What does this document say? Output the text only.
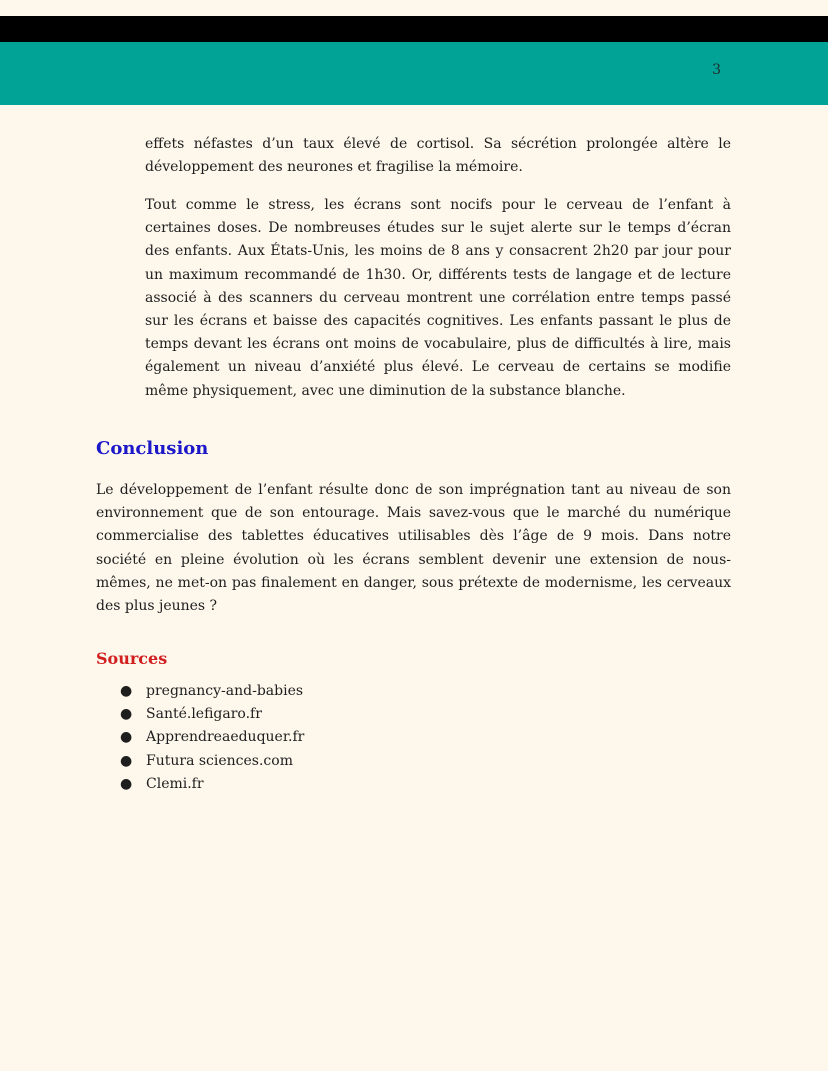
3

effets néfastes d’un taux élevé de cortisol. Sa sécrétion prolongée altère le développement des neurones et fragilise la mémoire.

Tout comme le stress, les écrans sont nocifs pour le cerveau de l’enfant à certaines doses. De nombreuses études sur le sujet alerte sur le temps d’écran des enfants. Aux États-Unis, les moins de 8 ans y consacrent 2h20 par jour pour un maximum recommandé de 1h30. Or, différents tests de langage et de lecture associé à des scanners du cerveau montrent une corrélation entre temps passé sur les écrans et baisse des capacités cognitives. Les enfants passant le plus de temps devant les écrans ont moins de vocabulaire, plus de difficultés à lire, mais également un niveau d’anxiété plus élevé. Le cerveau de certains se modifie même physiquement, avec une diminution de la substance blanche.

Conclusion

Le développement de l’enfant résulte donc de son imprégnation tant au niveau de son environnement que de son entourage. Mais savez-vous que le marché du numérique commercialise des tablettes éducatives utilisables dès l’âge de 9 mois. Dans notre société en pleine évolution où les écrans semblent devenir une extension de nous-mêmes, ne met-on pas finalement en danger, sous prétexte de modernisme, les cerveaux des plus jeunes ?

Sources
● pregnancy-and-babies
● Santé.lefigaro.fr
● Apprendreaeduquer.fr
● Futura sciences.com
● Clemi.fr
